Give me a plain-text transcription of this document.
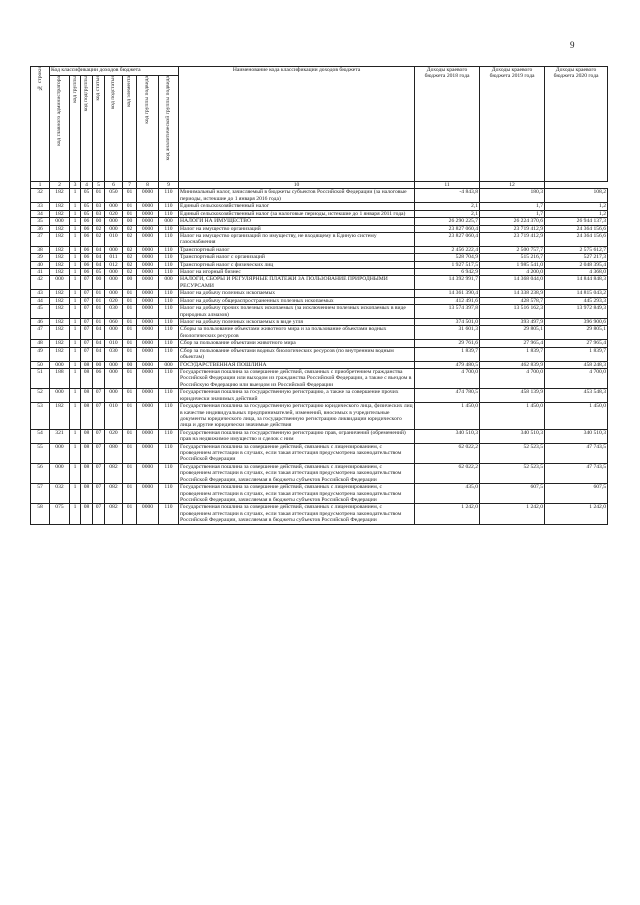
9
№ строки	Код классификации доходов бюджета								Наименование кода классификации доходов бюджета	Доходы краевого бюджета 2018 года	Доходы краевого бюджета 2019 года	Доходы краевого бюджета 2020 года
	код главного администратора	код группы	код подгруппы	код статьи	код подстатьи	код элемента	код группы подвида	код аналитической группы подвида				
1	2	3	4	5	6	7	8	9	10	11	12	
32	182	1	05	01	050	01	0000	110	Минимальный налог, зачисляемый в бюджеты субъектов Российской Федерации (за налоговые периоды, истекшие до 1 января 2016 года)	-4 843,8	180,3	108,2
33	182	1	05	03	000	01	0000	110	Единый сельскохозяйственный налог	2,1	1,7	1,2
34	182	1	05	03	020	01	0000	110	Единый сельскохозяйственный налог (за налоговые периоды, истекшие до 1 января 2011 года)	2,1	1,7	1,2
35	000	1	06	00	000	00	0000	000	НАЛОГИ НА ИМУЩЕСТВО	26 290 225,7	26 224 370,6	26 944 137,3
36	182	1	06	02	000	02	0000	110	Налог на имущество организаций	23 827 060,4	23 719 412,9	24 364 156,6
37	182	1	06	02	010	02	0000	110	Налог на имущество организаций по имуществу, не входящему в Единую систему газоснабжения	23 827 060,4	23 719 412,9	24 364 156,6
38	182	1	06	04	000	02	0000	110	Транспортный налог	2 456 222,4	2 500 757,7	2 575 612,7
39	182	1	06	04	011	02	0000	110	Транспортный налог с организаций	528 704,9	515 216,7	527 217,3
40	182	1	06	04	012	02	0000	110	Транспортный налог с физических лиц	1 927 517,5	1 985 541,0	2 048 395,4
41	182	1	06	05	000	02	0000	110	Налог на игорный бизнес	6 942,9	4 200,0	4 368,0
42	000	1	07	00	000	00	0000	000	НАЛОГИ, СБОРЫ И РЕГУЛЯРНЫЕ ПЛАТЕЖИ ЗА ПОЛЬЗОВАНИЕ ПРИРОДНЫМИ РЕСУРСАМИ	14 392 991,7	14 368 044,0	14 844 848,3
43	182	1	07	01	000	01	0000	110	Налог на добычу полезных ископаемых	14 361 390,4	14 338 238,9	14 815 043,2
44	182	1	07	01	020	01	0000	110	Налог на добычу общераспространенных полезных ископаемых	412 491,6	428 578,7	445 293,3
45	182	1	07	01	030	01	0000	110	Налог на добычу прочих полезных ископаемых (за исключением полезных ископаемых в виде природных алмазов)	13 574 397,8	13 516 162,3	13 972 849,3
46	182	1	07	01	060	01	0000	110	Налог на добычу полезных ископаемых в виде угля	374 501,0	393 497,9	396 900,6
47	182	1	07	04	000	01	0000	110	Сборы за пользование объектами животного мира и за пользование объектами водных биологических ресурсов	31 601,3	29 805,1	29 805,1
48	182	1	07	04	010	01	0000	110	Сбор за пользование объектами животного мира	29 761,6	27 965,4	27 965,4
49	182	1	07	04	030	01	0000	110	Сбор за пользование объектами водных биологических ресурсов (по внутренним водным объектам)	1 839,7	1 839,7	1 839,7
50	000	1	08	00	000	00	0000	000	ГОСУДАРСТВЕННАЯ ПОШЛИНА	479 480,5	462 839,9	458 248,3
51	188	1	08	06	000	01	0000	110	Государственная пошлина за совершение действий, связанных с приобретением гражданства Российской Федерации или выходом из гражданства Российской Федерации, а также с въездом в Российскую Федерацию или выездом из Российской Федерации	4 700,0	4 700,0	4 700,0
52	000	1	08	07	000	01	0000	110	Государственная пошлина за государственную регистрацию, а также за совершение прочих юридически значимых действий	474 780,5	458 139,9	453 548,3
53	182	1	08	07	010	01	0000	110	Государственная пошлина за государственную регистрацию юридического лица, физических лиц в качестве индивидуальных предпринимателей, изменений, вносимых в учредительные документы юридического лица, за государственную регистрацию ликвидации юридического лица и другие юридически значимые действия	1 450,0	1 450,0	1 450,0
54	321	1	08	07	020	01	0000	110	Государственная пошлина за государственную регистрацию прав, ограничений (обременений) прав на недвижимое имущество и сделок с ним	340 510,3	340 510,3	340 510,3
55	000	1	08	07	080	01	0000	110	Государственная пошлина за совершение действий, связанных с лицензированием, с проведением аттестации в случаях, если такая аттестация предусмотрена законодательством Российской Федерации	62 022,2	52 523,5	47 743,5
56	000	1	08	07	082	01	0000	110	Государственная пошлина за совершение действий, связанных с лицензированием, с проведением аттестации в случаях, если такая аттестация предусмотрена законодательством Российской Федерации, зачисляемая в бюджеты субъектов Российской Федерации	62 022,2	52 523,5	47 743,5
57	032	1	08	07	082	01	0000	110	Государственная пошлина за совершение действий, связанных с лицензированием, с проведением аттестации в случаях, если такая аттестация предусмотрена законодательством Российской Федерации, зачисляемая в бюджеты субъектов Российской Федерации	435,0	607,5	607,5
58	075	1	08	07	082	01	0000	110	Государственная пошлина за совершение действий, связанных с лицензированием, с проведением аттестации в случаях, если такая аттестация предусмотрена законодательством Российской Федерации, зачисляемая в бюджеты субъектов Российской Федерации	1 242,0	1 242,0	1 242,0
